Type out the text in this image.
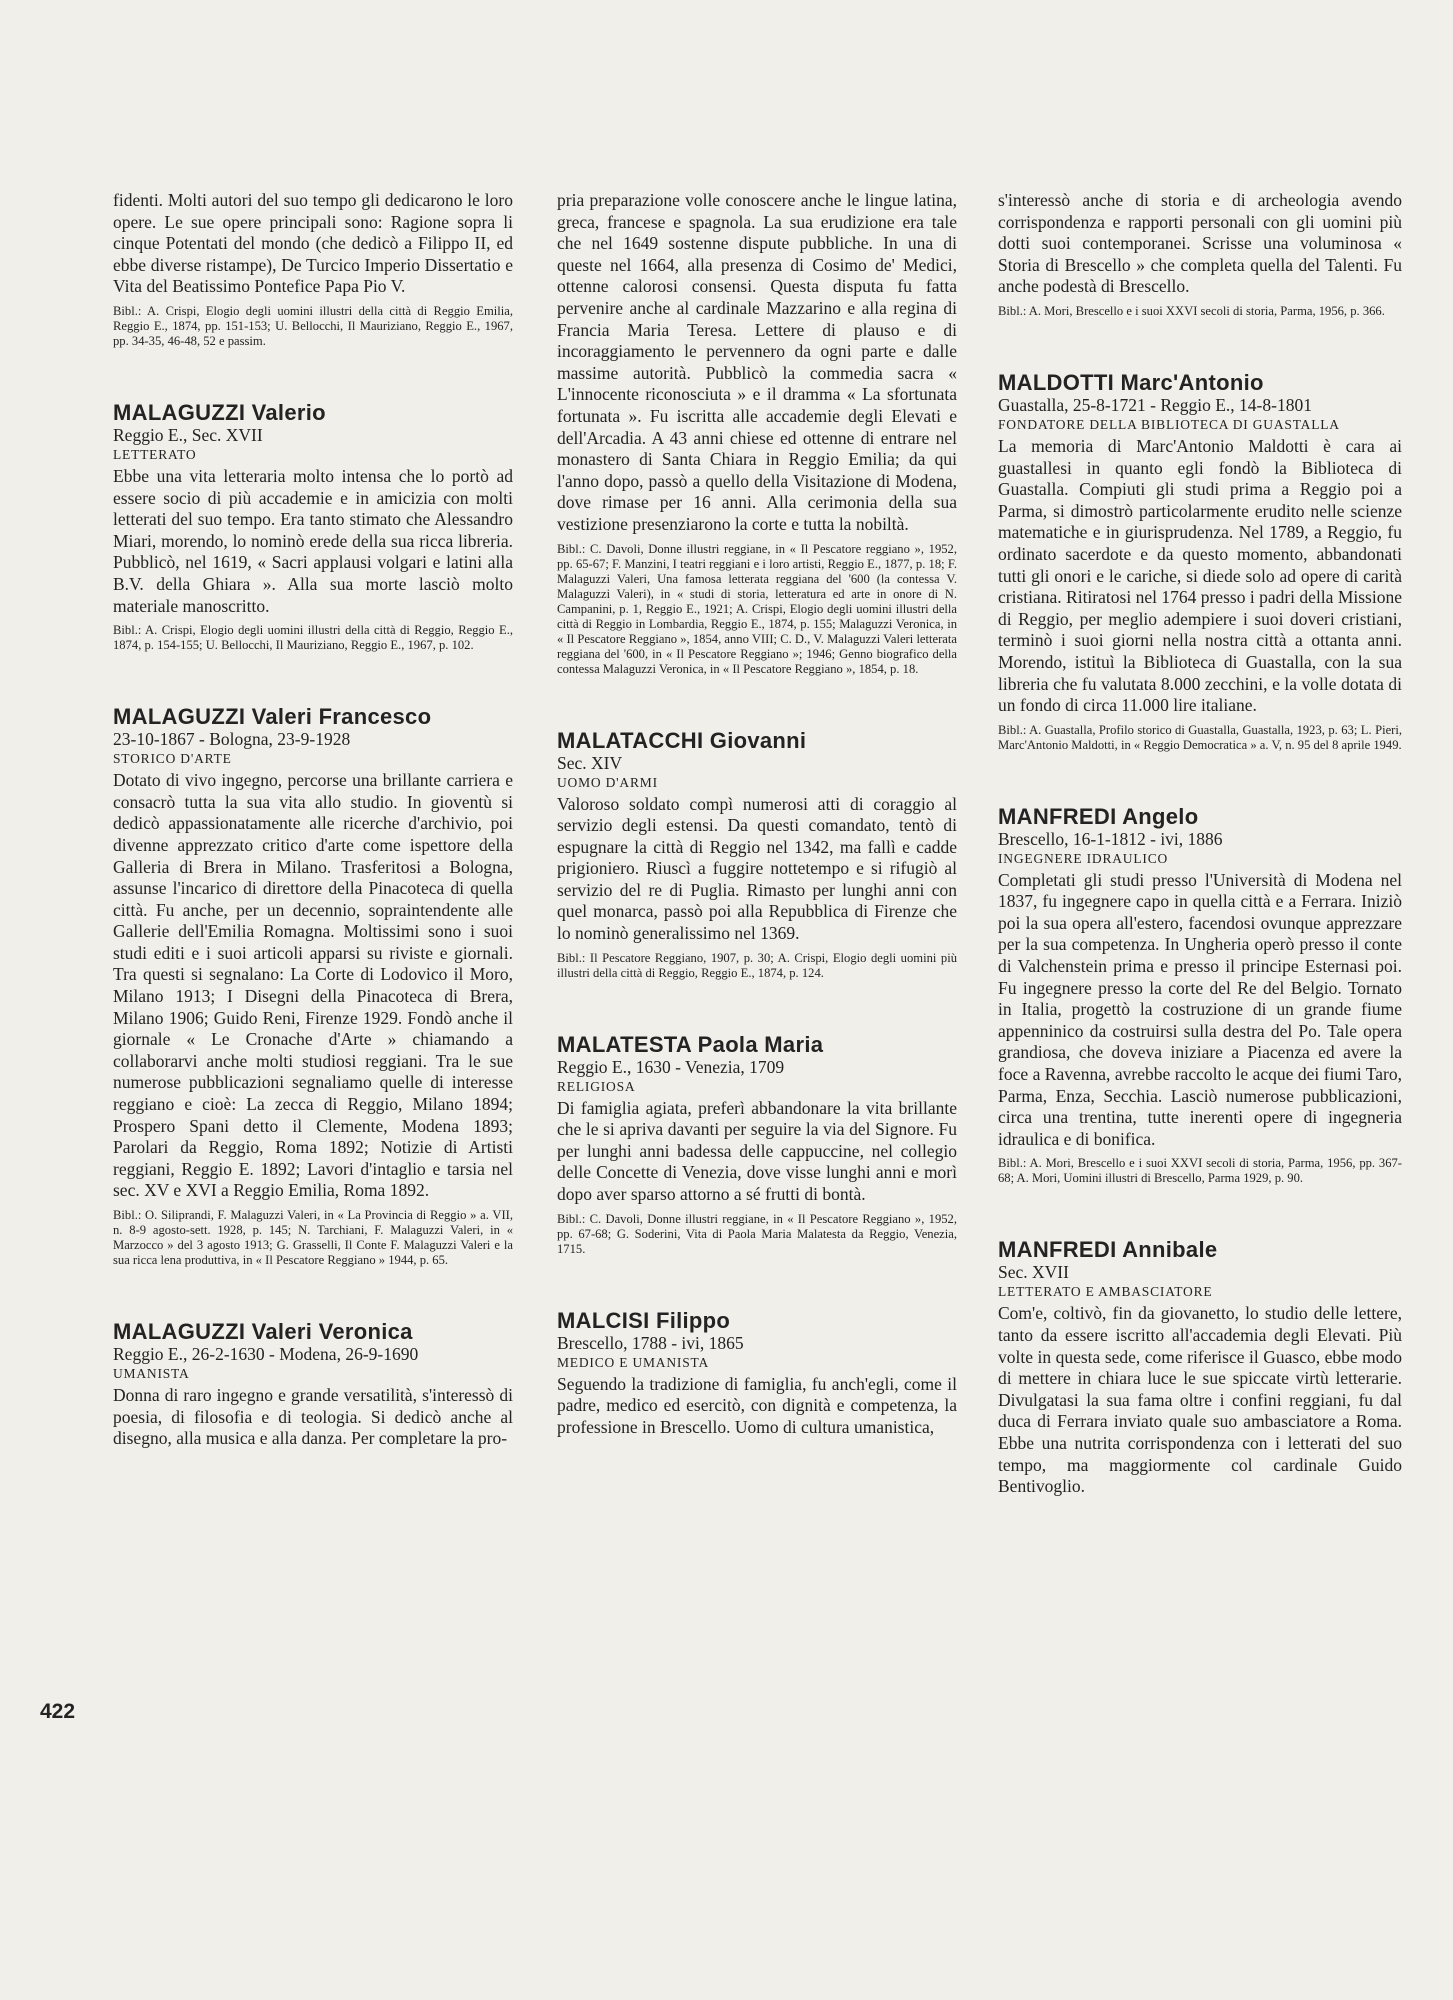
fidenti. Molti autori del suo tempo gli dedicarono le loro opere. Le sue opere principali sono: Ragione sopra li cinque Potentati del mondo (che dedicò a Filippo II, ed ebbe diverse ristampe), De Turcico Imperio Dissertatio e Vita del Beatissimo Pontefice Papa Pio V.

Bibl.: A. Crispi, Elogio degli uomini illustri della città di Reggio Emilia, Reggio E., 1874, pp. 151-153; U. Bellocchi, Il Mauriziano, Reggio E., 1967, pp. 34-35, 46-48, 52 e passim.

MALAGUZZI Valerio
Reggio E., Sec. XVII
LETTERATO

Ebbe una vita letteraria molto intensa che lo portò ad essere socio di più accademie e in amicizia con molti letterati del suo tempo. Era tanto stimato che Alessandro Miari, morendo, lo nominò erede della sua ricca libreria. Pubblicò, nel 1619, « Sacri applausi volgari e latini alla B.V. della Ghiara ». Alla sua morte lasciò molto materiale manoscritto.

Bibl.: A. Crispi, Elogio degli uomini illustri della città di Reggio, Reggio E., 1874, p. 154-155; U. Bellocchi, Il Mauriziano, Reggio E., 1967, p. 102.

MALAGUZZI Valeri Francesco
23-10-1867 - Bologna, 23-9-1928
STORICO D'ARTE

Dotato di vivo ingegno, percorse una brillante carriera e consacrò tutta la sua vita allo studio. In gioventù si dedicò appassionatamente alle ricerche d'archivio, poi divenne apprezzato critico d'arte come ispettore della Galleria di Brera in Milano. Trasferitosi a Bologna, assunse l'incarico di direttore della Pinacoteca di quella città. Fu anche, per un decennio, sopraintendente alle Gallerie dell'Emilia Romagna. Moltissimi sono i suoi studi editi e i suoi articoli apparsi su riviste e giornali. Tra questi si segnalano: La Corte di Lodovico il Moro, Milano 1913; I Disegni della Pinacoteca di Brera, Milano 1906; Guido Reni, Firenze 1929. Fondò anche il giornale « Le Cronache d'Arte » chiamando a collaborarvi anche molti studiosi reggiani. Tra le sue numerose pubblicazioni segnaliamo quelle di interesse reggiano e cioè: La zecca di Reggio, Milano 1894; Prospero Spani detto il Clemente, Modena 1893; Parolari da Reggio, Roma 1892; Notizie di Artisti reggiani, Reggio E. 1892; Lavori d'intaglio e tarsia nel sec. XV e XVI a Reggio Emilia, Roma 1892.

Bibl.: O. Siliprandi, F. Malaguzzi Valeri, in « La Provincia di Reggio » a. VII, n. 8-9 agosto-sett. 1928, p. 145; N. Tarchiani, F. Malaguzzi Valeri, in « Marzocco » del 3 agosto 1913; G. Grasselli, Il Conte F. Malaguzzi Valeri e la sua ricca lena produttiva, in « Il Pescatore Reggiano » 1944, p. 65.

MALAGUZZI Valeri Veronica
Reggio E., 26-2-1630 - Modena, 26-9-1690
UMANISTA

Donna di raro ingegno e grande versatilità, s'interessò di poesia, di filosofia e di teologia. Si dedicò anche al disegno, alla musica e alla danza. Per completare la pro-

pria preparazione volle conoscere anche le lingue latina, greca, francese e spagnola. La sua erudizione era tale che nel 1649 sostenne dispute pubbliche. In una di queste nel 1664, alla presenza di Cosimo de' Medici, ottenne calorosi consensi. Questa disputa fu fatta pervenire anche al cardinale Mazzarino e alla regina di Francia Maria Teresa. Lettere di plauso e di incoraggiamento le pervennero da ogni parte e dalle massime autorità. Pubblicò la commedia sacra « L'innocente riconosciuta » e il dramma « La sfortunata fortunata ». Fu iscritta alle accademie degli Elevati e dell'Arcadia. A 43 anni chiese ed ottenne di entrare nel monastero di Santa Chiara in Reggio Emilia; da qui l'anno dopo, passò a quello della Visitazione di Modena, dove rimase per 16 anni. Alla cerimonia della sua vestizione presenziarono la corte e tutta la nobiltà.

Bibl.: C. Davoli, Donne illustri reggiane, in « Il Pescatore reggiano », 1952, pp. 65-67; F. Manzini, I teatri reggiani e i loro artisti, Reggio E., 1877, p. 18; F. Malaguzzi Valeri, Una famosa letterata reggiana del '600 (la contessa V. Malaguzzi Valeri), in « studi di storia, letteratura ed arte in onore di N. Campanini, p. 1, Reggio E., 1921; A. Crispi, Elogio degli uomini illustri della città di Reggio in Lombardia, Reggio E., 1874, p. 155; Malaguzzi Veronica, in « Il Pescatore Reggiano », 1854, anno VIII; C. D., V. Malaguzzi Valeri letterata reggiana del '600, in « Il Pescatore Reggiano »; 1946; Genno biografico della contessa Malaguzzi Veronica, in « Il Pescatore Reggiano », 1854, p. 18.

MALATACCHI Giovanni
Sec. XIV
UOMO D'ARMI

Valoroso soldato compì numerosi atti di coraggio al servizio degli estensi. Da questi comandato, tentò di espugnare la città di Reggio nel 1342, ma fallì e cadde prigioniero. Riuscì a fuggire nottetempo e si rifugiò al servizio del re di Puglia. Rimasto per lunghi anni con quel monarca, passò poi alla Repubblica di Firenze che lo nominò generalissimo nel 1369.

Bibl.: Il Pescatore Reggiano, 1907, p. 30; A. Crispi, Elogio degli uomini più illustri della città di Reggio, Reggio E., 1874, p. 124.

MALATESTA Paola Maria
Reggio E., 1630 - Venezia, 1709
RELIGIOSA

Di famiglia agiata, preferì abbandonare la vita brillante che le si apriva davanti per seguire la via del Signore. Fu per lunghi anni badessa delle cappuccine, nel collegio delle Concette di Venezia, dove visse lunghi anni e morì dopo aver sparso attorno a sé frutti di bontà.

Bibl.: C. Davoli, Donne illustri reggiane, in « Il Pescatore Reggiano », 1952, pp. 67-68; G. Soderini, Vita di Paola Maria Malatesta da Reggio, Venezia, 1715.

MALCISI Filippo
Brescello, 1788 - ivi, 1865
MEDICO E UMANISTA

Seguendo la tradizione di famiglia, fu anch'egli, come il padre, medico ed esercitò, con dignità e competenza, la professione in Brescello. Uomo di cultura umanistica,

s'interessò anche di storia e di archeologia avendo corrispondenza e rapporti personali con gli uomini più dotti suoi contemporanei. Scrisse una voluminosa « Storia di Brescello » che completa quella del Talenti. Fu anche podestà di Brescello.

Bibl.: A. Mori, Brescello e i suoi XXVI secoli di storia, Parma, 1956, p. 366.

MALDOTTI Marc'Antonio
Guastalla, 25-8-1721 - Reggio E., 14-8-1801
FONDATORE DELLA BIBLIOTECA DI GUASTALLA

La memoria di Marc'Antonio Maldotti è cara ai guastallesi in quanto egli fondò la Biblioteca di Guastalla. Compiuti gli studi prima a Reggio poi a Parma, si dimostrò particolarmente erudito nelle scienze matematiche e in giurisprudenza. Nel 1789, a Reggio, fu ordinato sacerdote e da questo momento, abbandonati tutti gli onori e le cariche, si diede solo ad opere di carità cristiana. Ritiratosi nel 1764 presso i padri della Missione di Reggio, per meglio adempiere i suoi doveri cristiani, terminò i suoi giorni nella nostra città a ottanta anni. Morendo, istituì la Biblioteca di Guastalla, con la sua libreria che fu valutata 8.000 zecchini, e la volle dotata di un fondo di circa 11.000 lire italiane.

Bibl.: A. Guastalla, Profilo storico di Guastalla, Guastalla, 1923, p. 63; L. Pieri, Marc'Antonio Maldotti, in « Reggio Democratica » a. V, n. 95 del 8 aprile 1949.

MANFREDI Angelo
Brescello, 16-1-1812 - ivi, 1886
INGEGNERE IDRAULICO

Completati gli studi presso l'Università di Modena nel 1837, fu ingegnere capo in quella città e a Ferrara. Iniziò poi la sua opera all'estero, facendosi ovunque apprezzare per la sua competenza. In Ungheria operò presso il conte di Valchenstein prima e presso il principe Esternasi poi. Fu ingegnere presso la corte del Re del Belgio. Tornato in Italia, progettò la costruzione di un grande fiume appenninico da costruirsi sulla destra del Po. Tale opera grandiosa, che doveva iniziare a Piacenza ed avere la foce a Ravenna, avrebbe raccolto le acque dei fiumi Taro, Parma, Enza, Secchia. Lasciò numerose pubblicazioni, circa una trentina, tutte inerenti opere di ingegneria idraulica e di bonifica.

Bibl.: A. Mori, Brescello e i suoi XXVI secoli di storia, Parma, 1956, pp. 367-68; A. Mori, Uomini illustri di Brescello, Parma 1929, p. 90.

MANFREDI Annibale
Sec. XVII
LETTERATO E AMBASCIATORE

Com'e, coltivò, fin da giovanetto, lo studio delle lettere, tanto da essere iscritto all'accademia degli Elevati. Più volte in questa sede, come riferisce il Guasco, ebbe modo di mettere in chiara luce le sue spiccate virtù letterarie. Divulgatasi la sua fama oltre i confini reggiani, fu dal duca di Ferrara inviato quale suo ambasciatore a Roma. Ebbe una nutrita corrispondenza con i letterati del suo tempo, ma maggiormente col cardinale Guido Bentivoglio.

422
